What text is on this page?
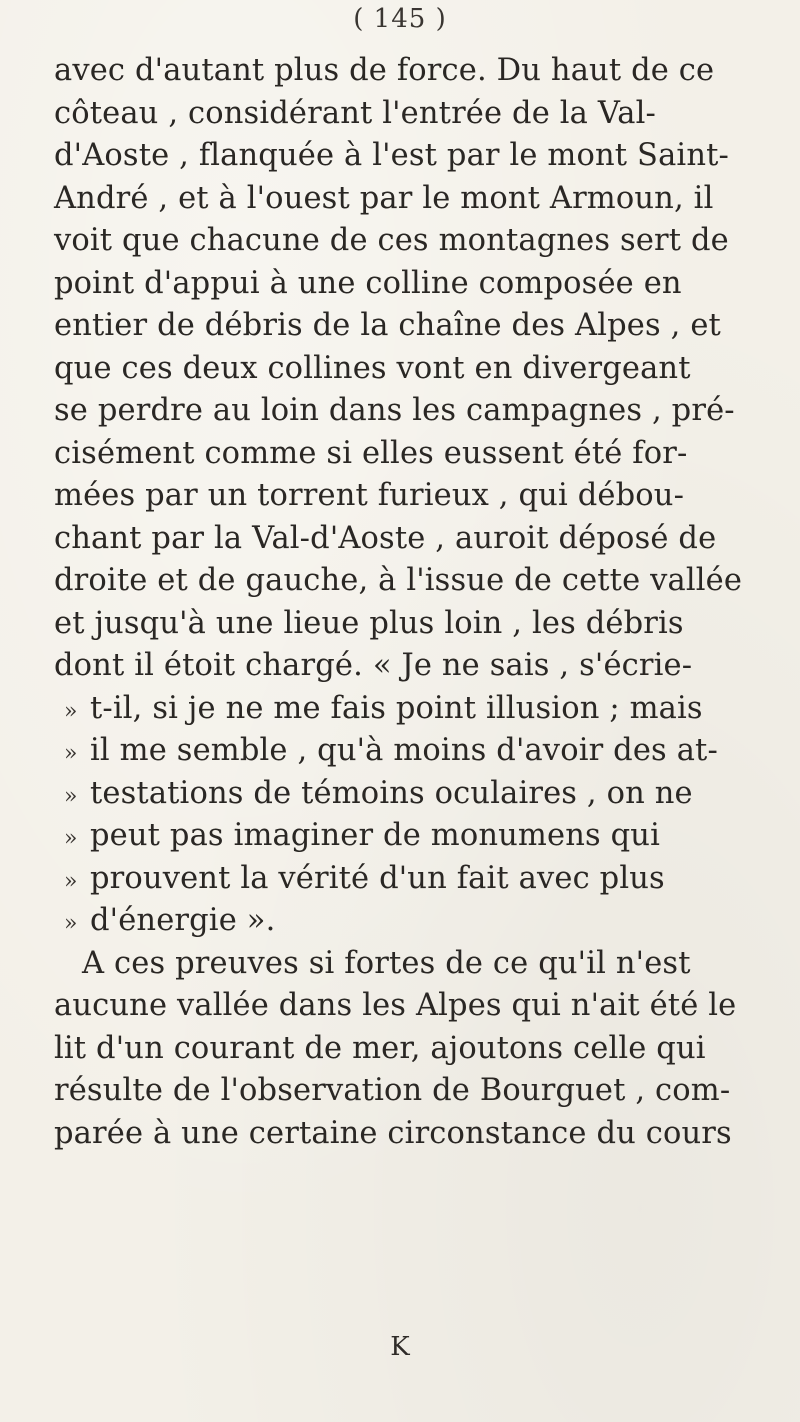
( 145 )
avec d'autant plus de force. Du haut de ce
côteau , considérant l'entrée de la Val-
d'Aoste , flanquée à l'est par le mont Saint-
André , et à l'ouest par le mont Armoun, il
voit que chacune de ces montagnes sert de
point d'appui à une colline composée en
entier de débris de la chaîne des Alpes , et
que ces deux collines vont en divergeant
se perdre au loin dans les campagnes , pré-
cisément comme si elles eussent été for-
mées par un torrent furieux , qui débou-
chant par la Val-d'Aoste , auroit déposé de
droite et de gauche, à l'issue de cette vallée
et jusqu'à une lieue plus loin , les débris
dont il étoit chargé. « Je ne sais , s'écrie-
» t-il, si je ne me fais point illusion ; mais
» il me semble , qu'à moins d'avoir des at-
» testations de témoins oculaires , on ne
» peut pas imaginer de monumens qui
» prouvent la vérité d'un fait avec plus
» d'énergie ».
A ces preuves si fortes de ce qu'il n'est
aucune vallée dans les Alpes qui n'ait été le
lit d'un courant de mer, ajoutons celle qui
résulte de l'observation de Bourguet , com-
parée à une certaine circonstance du cours
K
